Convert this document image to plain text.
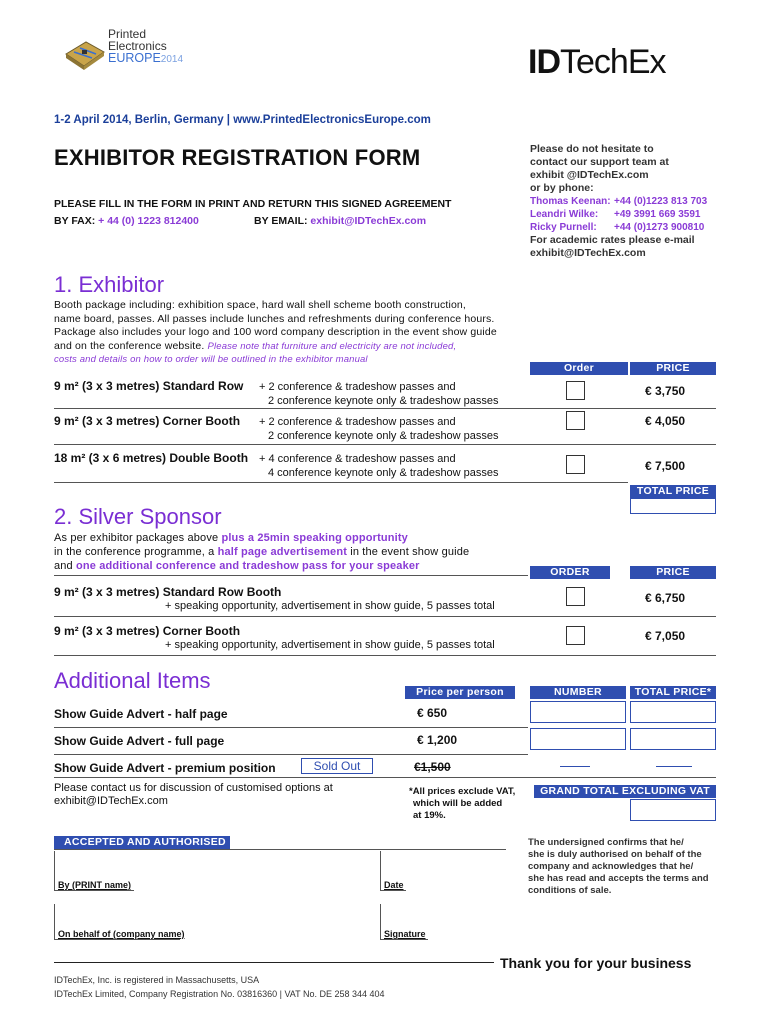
Printed
Electronics
EUROPE2014	IDTechEx
1-2 April 2014, Berlin, Germany | www.PrintedElectronicsEurope.com
EXHIBITOR REGISTRATION FORM
PLEASE FILL IN THE FORM IN PRINT AND RETURN THIS SIGNED AGREEMENT
BY FAX: + 44 (0) 1223 812400	BY EMAIL: exhibit@IDTechEx.com
Please do not hesitate to
contact our support team at
exhibit @IDTechEx.com
or by phone:
Thomas Keenan: +44 (0)1223 813 703
Leandri Wilke: +49 3991 669 3591
Ricky Purnell: +44 (0)1273 900810
For academic rates please e-mail
exhibit@IDTechEx.com
1. Exhibitor
Booth package including: exhibition space, hard wall shell scheme booth construction,
name board, passes. All passes include lunches and refreshments during conference hours.
Package also includes your logo and 100 word company description in the event show guide
and on the conference website. Please note that furniture and electricity are not included,
costs and details on how to order will be outlined in the exhibitor manual
Order	PRICE
9 m² (3 x 3 metres) Standard Row + 2 conference & tradeshow passes and
2 conference keynote only & tradeshow passes
€ 3,750
9 m² (3 x 3 metres) Corner Booth + 2 conference & tradeshow passes and
2 conference keynote only & tradeshow passes
€ 4,050
18 m² (3 x 6 metres) Double Booth + 4 conference & tradeshow passes and
4 conference keynote only & tradeshow passes	€ 7,500
TOTAL PRICE
2. Silver Sponsor
As per exhibitor packages above plus a 25min speaking opportunity
in the conference programme, a half page advertisement in the event show guide
and one additional conference and tradeshow pass for your speaker	ORDER	PRICE
9 m² (3 x 3 metres) Standard Row Booth
+ speaking opportunity, advertisement in show guide, 5 passes total
€ 6,750
9 m² (3 x 3 metres) Corner Booth
+ speaking opportunity, advertisement in show guide, 5 passes total
€ 7,050
Additional Items	Price per person	NUMBER	TOTAL PRICE*
Show Guide Advert - half page	€ 650
Show Guide Advert - full page	€ 1,200
Show Guide Advert - premium position	Sold Out	€1,500
Please contact us for discussion of customised options at
exhibit@IDTechEx.com
*All prices exclude VAT,
which will be added
at 19%.
GRAND TOTAL EXCLUDING VAT
ACCEPTED AND AUTHORISED
By (PRINT name)	Date
On behalf of (company name)	Signature
The undersigned confirms that he/
she is duly authorised on behalf of the
company and acknowledges that he/
she has read and accepts the terms and
conditions of sale.
Thank you for your business
IDTechEx, Inc. is registered in Massachusetts, USA
IDTechEx Limited, Company Registration No. 03816360 | VAT No. DE 258 344 404
